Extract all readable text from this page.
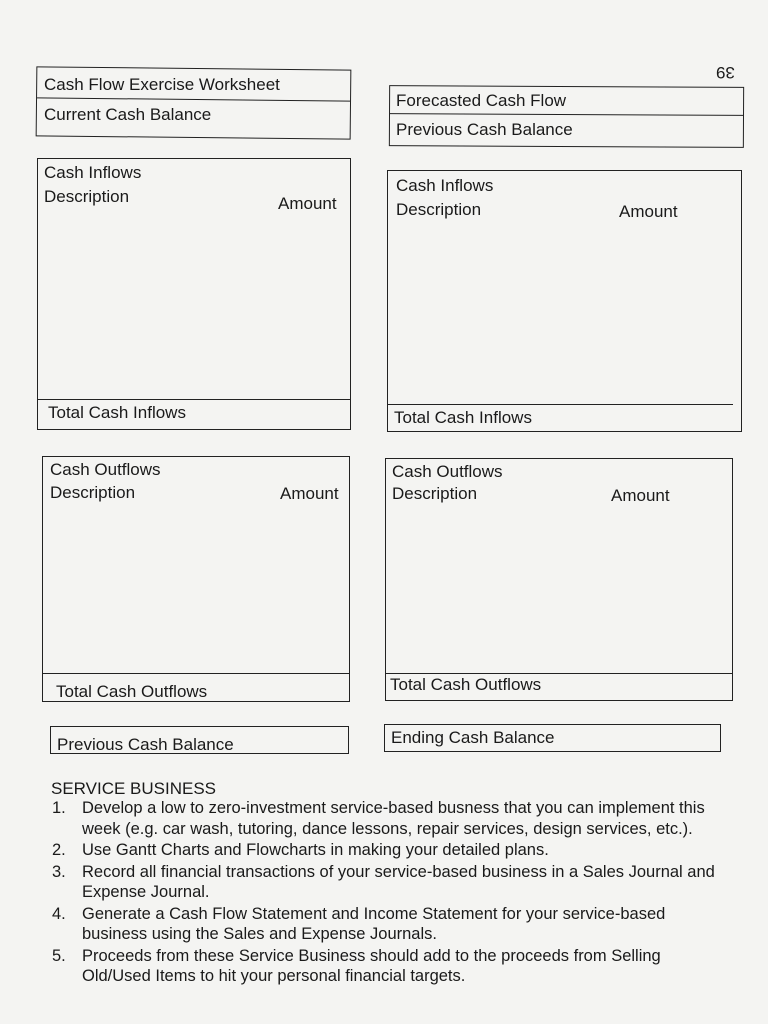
39
Cash Flow Exercise Worksheet
Current Cash Balance
Cash Inflows
Description	Amount
Total Cash Inflows
Cash Outflows
Description	Amount
Total Cash Outflows
Previous Cash Balance
Forecasted Cash Flow
Previous Cash Balance
Cash Inflows
Description	Amount
Total Cash Inflows
Cash Outflows
Description	Amount
Total Cash Outflows
Ending Cash Balance
SERVICE BUSINESS
1. Develop a low to zero-investment service-based busness that you can implement this week (e.g. car wash, tutoring, dance lessons, repair services, design services, etc.).
2. Use Gantt Charts and Flowcharts in making your detailed plans.
3. Record all financial transactions of your service-based business in a Sales Journal and Expense Journal.
4. Generate a Cash Flow Statement and Income Statement for your service-based business using the Sales and Expense Journals.
5. Proceeds from these Service Business should add to the proceeds from Selling Old/Used Items to hit your personal financial targets.
